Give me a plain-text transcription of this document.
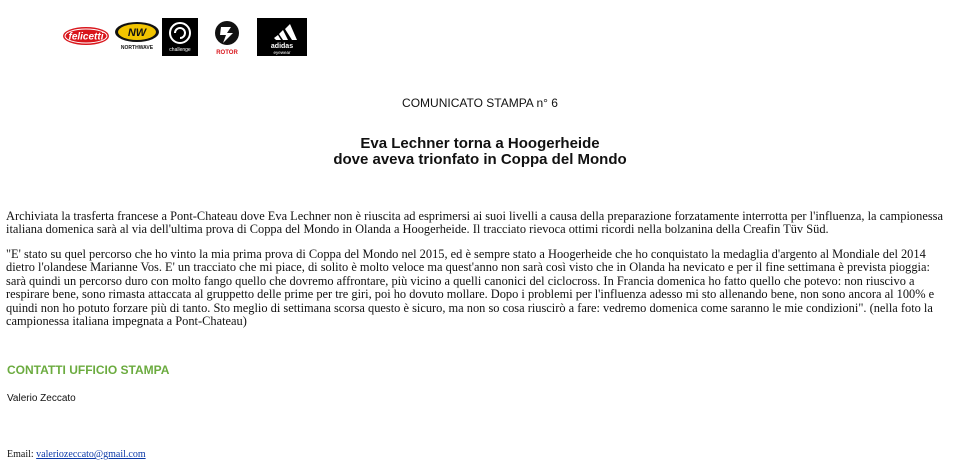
felicetti NW
NORTHWAVE	challenge	ROTOR
adidas
eyewear
COMUNICATO STAMPA n° 6
Eva Lechner torna a Hoogerheide
dove aveva trionfato in Coppa del Mondo
Archiviata la trasferta francese a Pont-Chateau dove Eva Lechner non è riuscita ad esprimersi ai suoi livelli a causa della preparazione forzatamente interrotta per l'influenza, la campionessa italiana domenica sarà al via dell'ultima prova di Coppa del Mondo in Olanda a Hoogerheide. Il tracciato rievoca ottimi ricordi nella bolzanina della Creafin Tüv Süd.
"E' stato su quel percorso che ho vinto la mia prima prova di Coppa del Mondo nel 2015, ed è sempre stato a Hoogerheide che ho conquistato la medaglia d'argento al Mondiale del 2014 dietro l'olandese Marianne Vos. E' un tracciato che mi piace, di solito è molto veloce ma quest'anno non sarà così visto che in Olanda ha nevicato e per il fine settimana è prevista pioggia: sarà quindi un percorso duro con molto fango quello che dovremo affrontare, più vicino a quelli canonici del ciclocross. In Francia domenica ho fatto quello che potevo: non riuscivo a respirare bene, sono rimasta attaccata al gruppetto delle prime per tre giri, poi ho dovuto mollare. Dopo i problemi per l'influenza adesso mi sto allenando bene, non sono ancora al 100% e quindi non ho potuto forzare più di tanto. Sto meglio di settimana scorsa questo è sicuro, ma non so cosa riuscirò a fare: vedremo domenica come saranno le mie condizioni". (nella foto la campionessa italiana impegnata a Pont-Chateau)
CONTATTI UFFICIO STAMPA
Valerio Zeccato
Email: valeriozeccato@gmail.com
